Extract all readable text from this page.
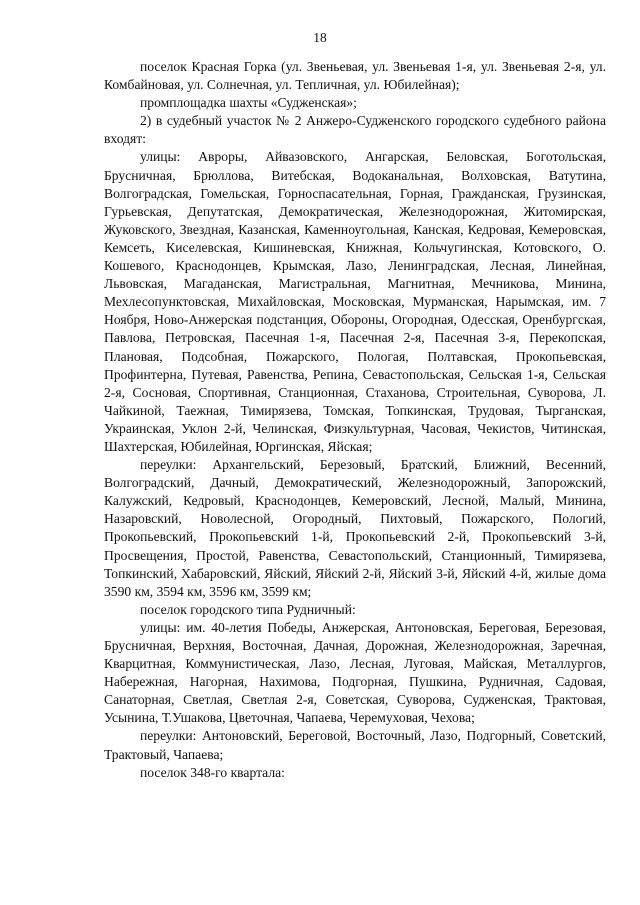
18

поселок Красная Горка (ул. Звеньевая, ул. Звеньевая 1-я, ул. Звеньевая 2-я, ул. Комбайновая, ул. Солнечная, ул. Тепличная, ул. Юбилейная);

промплощадка шахты «Судженская»;

2) в судебный участок № 2 Анжеро-Судженского городского судебного района входят:

улицы: Авроры, Айвазовского, Ангарская, Беловская, Боготольская, Брусничная, Брюллова, Витебская, Водоканальная, Волховская, Ватутина, Волгоградская, Гомельская, Горноспасательная, Горная, Гражданская, Грузинская, Гурьевская, Депутатская, Демократическая, Железнодорожная, Житомирская, Жуковского, Звездная, Казанская, Каменноугольная, Канская, Кедровая, Кемеровская, Кемсеть, Киселевская, Кишиневская, Книжная, Кольчугинская, Котовского, О. Кошевого, Краснодонцев, Крымская, Лазо, Ленинградская, Лесная, Линейная, Львовская, Магаданская, Магистральная, Магнитная, Мечникова, Минина, Мехлесопунктовская, Михайловская, Московская, Мурманская, Нарымская, им. 7 Ноября, Ново-Анжерская подстанция, Обороны, Огородная, Одесская, Оренбургская, Павлова, Петровская, Пасечная 1-я, Пасечная 2-я, Пасечная 3-я, Перекопская, Плановая, Подсобная, Пожарского, Пологая, Полтавская, Прокопьевская, Профинтерна, Путевая, Равенства, Репина, Севастопольская, Сельская 1-я, Сельская 2-я, Сосновая, Спортивная, Станционная, Стаханова, Строительная, Суворова, Л. Чайкиной, Таежная, Тимирязева, Томская, Топкинская, Трудовая, Тырганская, Украинская, Уклон 2-й, Челинская, Физкультурная, Часовая, Чекистов, Читинская, Шахтерская, Юбилейная, Юргинская, Яйская;

переулки: Архангельский, Березовый, Братский, Ближний, Весенний, Волгоградский, Дачный, Демократический, Железнодорожный, Запорожский, Калужский, Кедровый, Краснодонцев, Кемеровский, Лесной, Малый, Минина, Назаровский, Новолесной, Огородный, Пихтовый, Пожарского, Пологий, Прокопьевский, Прокопьевский 1-й, Прокопьевский 2-й, Прокопьевский 3-й, Просвещения, Простой, Равенства, Севастопольский, Станционный, Тимирязева, Топкинский, Хабаровский, Яйский, Яйский 2-й, Яйский 3-й, Яйский 4-й, жилые дома 3590 км, 3594 км, 3596 км, 3599 км;

поселок городского типа Рудничный:

улицы: им. 40-летия Победы, Анжерская, Антоновская, Береговая, Березовая, Брусничная, Верхняя, Восточная, Дачная, Дорожная, Железнодорожная, Заречная, Кварцитная, Коммунистическая, Лазо, Лесная, Луговая, Майская, Металлургов, Набережная, Нагорная, Нахимова, Подгорная, Пушкина, Рудничная, Садовая, Санаторная, Светлая, Светлая 2-я, Советская, Суворова, Судженская, Трактовая, Усынина, Т.Ушакова, Цветочная, Чапаева, Черемуховая, Чехова;

переулки: Антоновский, Береговой, Восточный, Лазо, Подгорный, Советский, Трактовый, Чапаева;

поселок 348-го квартала:
